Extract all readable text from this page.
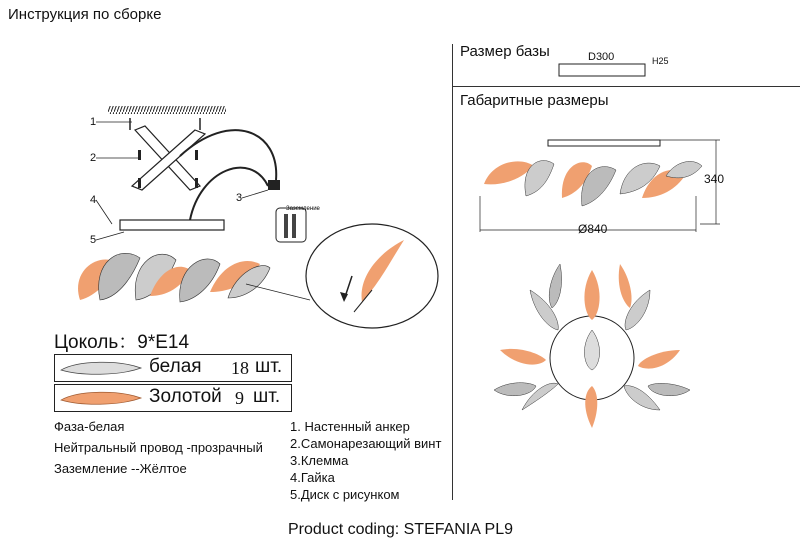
Инструкция по сборке
Заземление
1
2
3
4
5
Размер базы	D300	H25
Габаритные размеры
340
Ø840
Цоколь：9*E14
белая 18 шт.
Золотой 9 шт.
Фаза-белая
Нейтральный провод -прозрачный
Заземление --Жёлтое
1. Настенный анкер
2.Самонарезающий винт
3.Клемма
4.Гайка
5.Диск с рисунком
Product coding: STEFANIA PL9
